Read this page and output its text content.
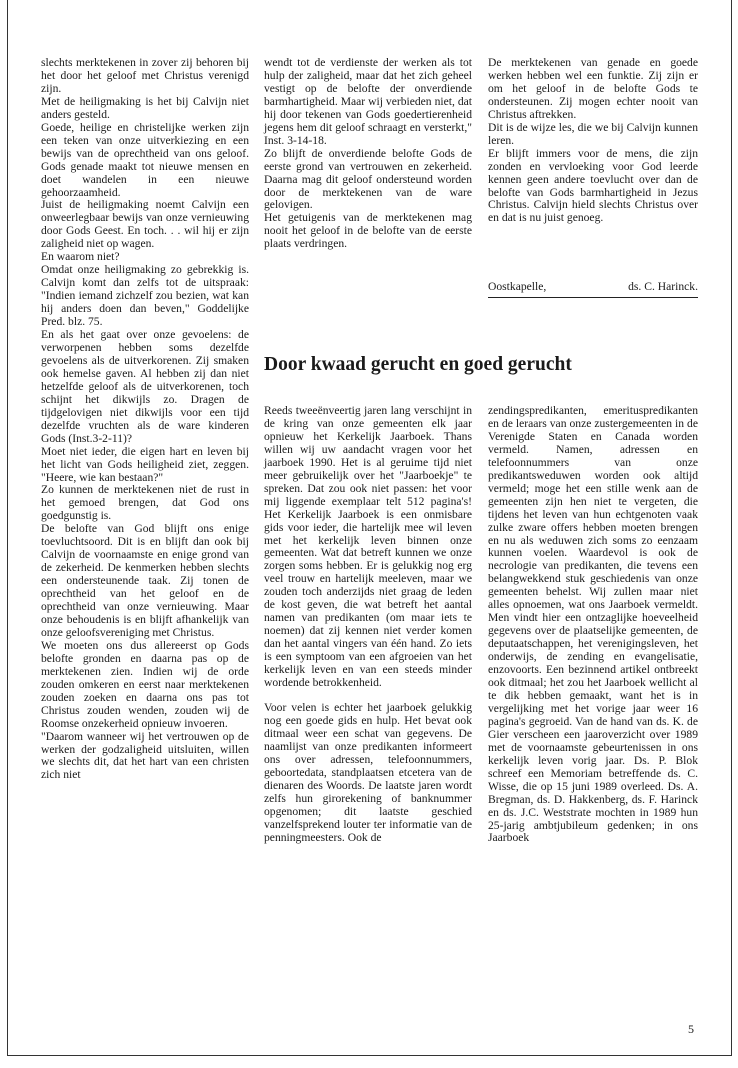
slechts merktekenen in zover zij behoren bij het door het geloof met Christus verenigd zijn.

Met de heiligmaking is het bij Calvijn niet anders gesteld.

Goede, heilige en christelijke werken zijn een teken van onze uitverkiezing en een bewijs van de oprechtheid van ons geloof. Gods genade maakt tot nieuwe mensen en doet wandelen in een nieuwe gehoorzaamheid.

Juist de heiligmaking noemt Calvijn een onweerlegbaar bewijs van onze vernieuwing door Gods Geest. En toch. . . wil hij er zijn zaligheid niet op wagen.

En waarom niet?

Omdat onze heiligmaking zo gebrekkig is. Calvijn komt dan zelfs tot de uitspraak: "Indien iemand zichzelf zou bezien, wat kan hij anders doen dan beven," Goddelijke Pred. blz. 75.

En als het gaat over onze gevoelens: de verworpenen hebben soms dezelfde gevoelens als de uitverkorenen. Zij smaken ook hemelse gaven. Al hebben zij dan niet hetzelfde geloof als de uitverkorenen, toch schijnt het dikwijls zo. Dragen de tijdgelovigen niet dikwijls voor een tijd dezelfde vruchten als de ware kinderen Gods (Inst.3-2-11)?

Moet niet ieder, die eigen hart en leven bij het licht van Gods heiligheid ziet, zeggen. "Heere, wie kan bestaan?"

Zo kunnen de merktekenen niet de rust in het gemoed brengen, dat God ons goedgunstig is.

De belofte van God blijft ons enige toevluchtsoord. Dit is en blijft dan ook bij Calvijn de voornaamste en enige grond van de zekerheid. De kenmerken hebben slechts een ondersteunende taak. Zij tonen de oprechtheid van het geloof en de oprechtheid van onze vernieuwing. Maar onze behoudenis is en blijft afhankelijk van onze geloofsvereniging met Christus.

We moeten ons dus allereerst op Gods belofte gronden en daarna pas op de merktekenen zien. Indien wij de orde zouden omkeren en eerst naar merktekenen zouden zoeken en daarna ons pas tot Christus zouden wenden, zouden wij de Roomse onzekerheid opnieuw invoeren.

"Daarom wanneer wij het vertrouwen op de werken der godzaligheid uitsluiten, willen we slechts dit, dat het hart van een christen zich niet

wendt tot de verdienste der werken als tot hulp der zaligheid, maar dat het zich geheel vestigt op de belofte der onverdiende barmhartigheid. Maar wij verbieden niet, dat hij door tekenen van Gods goedertierenheid jegens hem dit geloof schraagt en versterkt," Inst. 3-14-18.

Zo blijft de onverdiende belofte Gods de eerste grond van vertrouwen en zekerheid. Daarna mag dit geloof ondersteund worden door de merktekenen van de ware gelovigen.

Het getuigenis van de merktekenen mag nooit het geloof in de belofte van de eerste plaats verdringen.

De merktekenen van genade en goede werken hebben wel een funktie. Zij zijn er om het geloof in de belofte Gods te ondersteunen. Zij mogen echter nooit van Christus aftrekken.

Dit is de wijze les, die we bij Calvijn kunnen leren.

Er blijft immers voor de mens, die zijn zonden en vervloeking voor God leerde kennen geen andere toevlucht over dan de belofte van Gods barmhartigheid in Jezus Christus. Calvijn hield slechts Christus over en dat is nu juist genoeg.

Oostkapelle,	ds. C. Harinck.
Door kwaad gerucht en goed gerucht

Reeds tweeënveertig jaren lang verschijnt in de kring van onze gemeenten elk jaar opnieuw het Kerkelijk Jaarboek. Thans willen wij uw aandacht vragen voor het jaarboek 1990. Het is al geruime tijd niet meer gebruikelijk over het "Jaarboekje" te spreken. Dat zou ook niet passen: het voor mij liggende exemplaar telt 512 pagina's! Het Kerkelijk Jaarboek is een onmisbare gids voor ieder, die hartelijk mee wil leven met het kerkelijk leven binnen onze gemeenten. Wat dat betreft kunnen we onze zorgen soms hebben. Er is gelukkig nog erg veel trouw en hartelijk meeleven, maar we zouden toch anderzijds niet graag de leden de kost geven, die wat betreft het aantal namen van predikanten (om maar iets te noemen) dat zij kennen niet verder komen dan het aantal vingers van één hand. Zo iets is een symptoom van een afgroeien van het kerkelijk leven en van een steeds minder wordende betrokkenheid.

Voor velen is echter het jaarboek gelukkig nog een goede gids en hulp. Het bevat ook ditmaal weer een schat van gegevens. De naamlijst van onze predikanten informeert ons over adressen, telefoonnummers, geboortedata, standplaatsen etcetera van de dienaren des Woords. De laatste jaren wordt zelfs hun girorekening of banknummer opgenomen; dit laatste geschied vanzelfsprekend louter ter informatie van de penningmeesters. Ook de

zendingspredikanten, emerituspredikanten en de leraars van onze zustergemeenten in de Verenigde Staten en Canada worden vermeld. Namen, adressen en telefoonnummers van onze predikantsweduwen worden ook altijd vermeld; moge het een stille wenk aan de gemeenten zijn hen niet te vergeten, die tijdens het leven van hun echtgenoten vaak zulke zware offers hebben moeten brengen en nu als weduwen zich soms zo eenzaam kunnen voelen. Waardevol is ook de necrologie van predikanten, die tevens een belangwekkend stuk geschiedenis van onze gemeenten behelst. Wij zullen maar niet alles opnoemen, wat ons Jaarboek vermeldt. Men vindt hier een ontzaglijke hoeveelheid gegevens over de plaatselijke gemeenten, de deputaatschappen, het verenigingsleven, het onderwijs, de zending en evangelisatie, enzovoorts. Een bezinnend artikel ontbreekt ook ditmaal; het zou het Jaarboek wellicht al te dik hebben gemaakt, want het is in vergelijking met het vorige jaar weer 16 pagina's gegroeid. Van de hand van ds. K. de Gier verscheen een jaaroverzicht over 1989 met de voornaamste gebeurtenissen in ons kerkelijk leven vorig jaar. Ds. P. Blok schreef een Memoriam betreffende ds. C. Wisse, die op 15 juni 1989 overleed. Ds. A. Bregman, ds. D. Hakkenberg, ds. F. Harinck en ds. J.C. Weststrate mochten in 1989 hun 25-jarig ambtjubileum gedenken; in ons Jaarboek

5
